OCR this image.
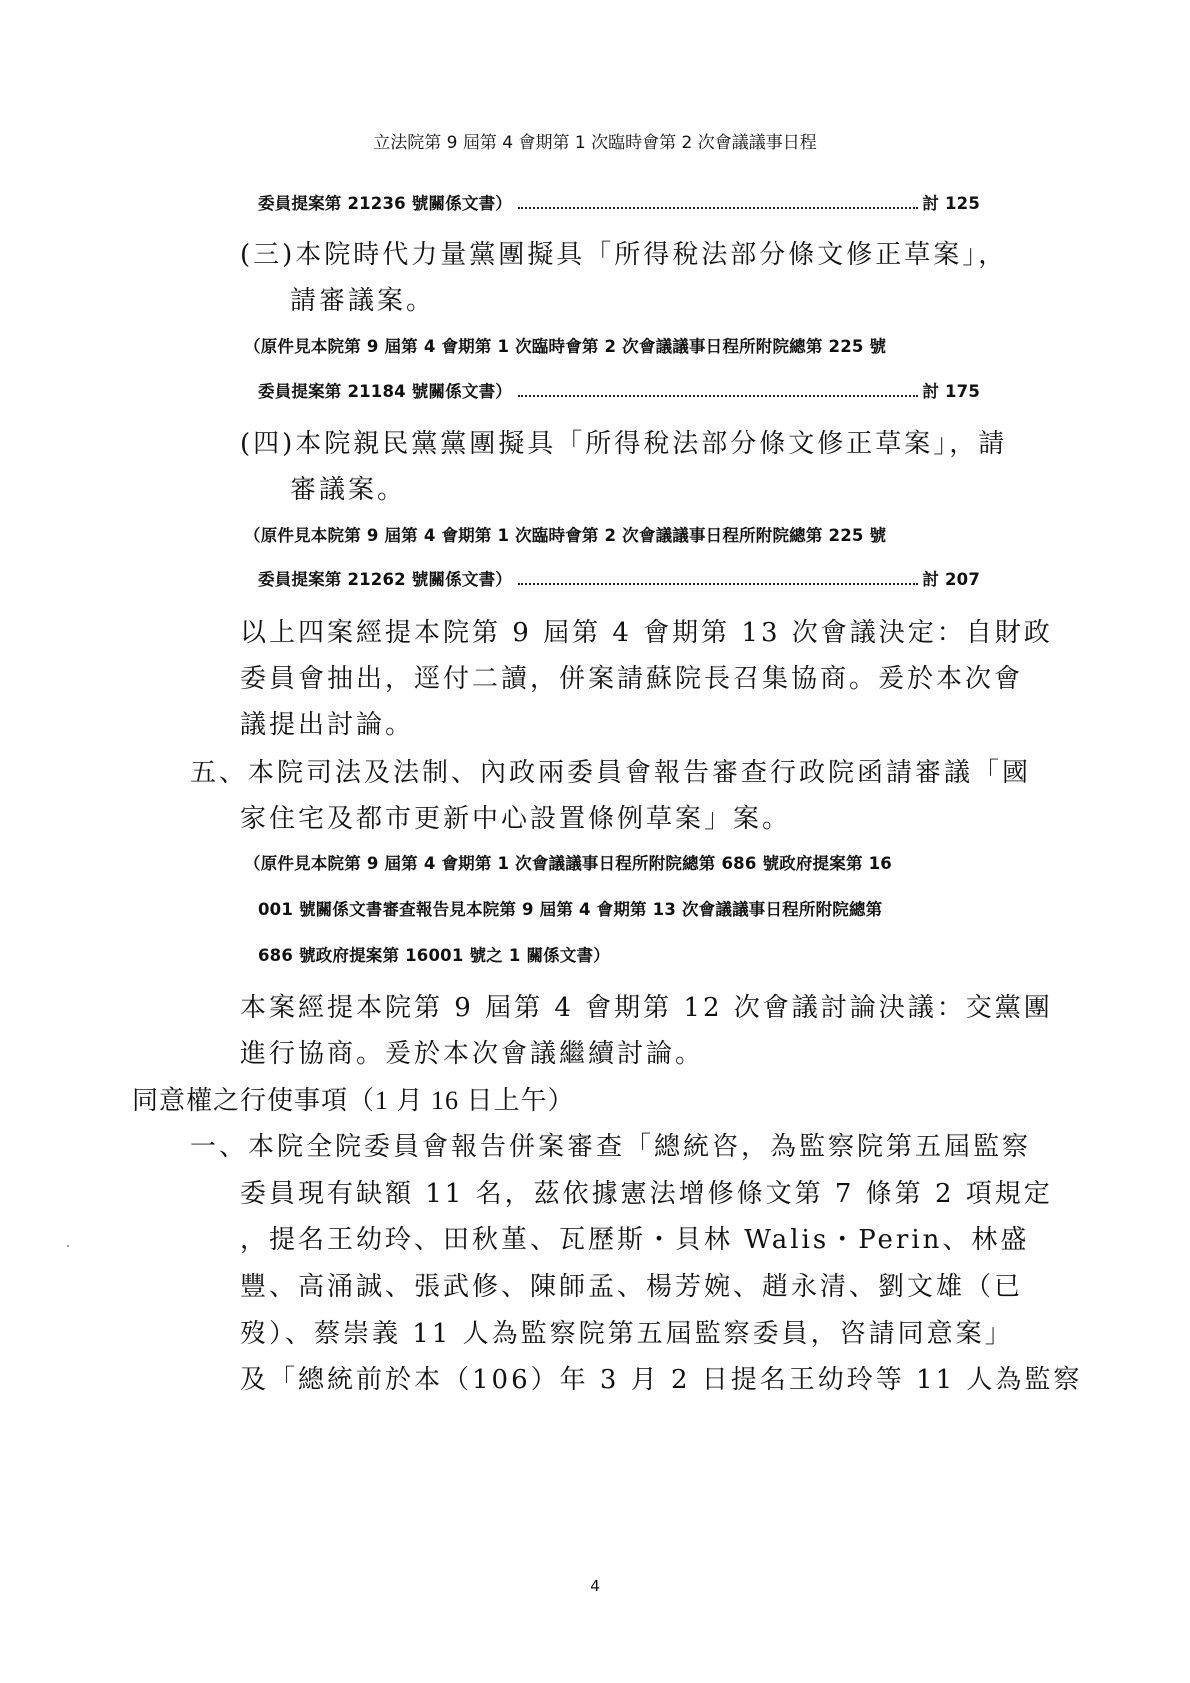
立法院第 9 屆第 4 會期第 1 次臨時會第 2 次會議議事日程
委員提案第 21236 號關係文書）	討 125
(三)本院時代力量黨團擬具「所得稅法部分條文修正草案」，
請審議案。
（原件見本院第 9 屆第 4 會期第 1 次臨時會第 2 次會議議事日程所附院總第 225 號
委員提案第 21184 號關係文書）	討 175
(四)本院親民黨黨團擬具「所得稅法部分條文修正草案」，請
審議案。
（原件見本院第 9 屆第 4 會期第 1 次臨時會第 2 次會議議事日程所附院總第 225 號
委員提案第 21262 號關係文書）	討 207
以上四案經提本院第 9 屆第 4 會期第 13 次會議決定：自財政
委員會抽出，逕付二讀，併案請蘇院長召集協商。爰於本次會
議提出討論。
五、本院司法及法制、內政兩委員會報告審查行政院函請審議「國
家住宅及都市更新中心設置條例草案」案。
（原件見本院第 9 屆第 4 會期第 1 次會議議事日程所附院總第 686 號政府提案第 16
001 號關係文書審查報告見本院第 9 屆第 4 會期第 13 次會議議事日程所附院總第
686 號政府提案第 16001 號之 1 關係文書）
本案經提本院第 9 屆第 4 會期第 12 次會議討論決議：交黨團
進行協商。爰於本次會議繼續討論。
同意權之行使事項（1 月 16 日上午）
一、本院全院委員會報告併案審查「總統咨，為監察院第五屆監察
委員現有缺額 11 名，茲依據憲法增修條文第 7 條第 2 項規定
，提名王幼玲、田秋堇、瓦歷斯・貝林 Walis・Perin、林盛
豐、高涌誠、張武修、陳師孟、楊芳婉、趙永清、劉文雄（已
歿）、蔡崇義 11 人為監察院第五屆監察委員，咨請同意案」
及「總統前於本（106）年 3 月 2 日提名王幼玲等 11 人為監察
4
